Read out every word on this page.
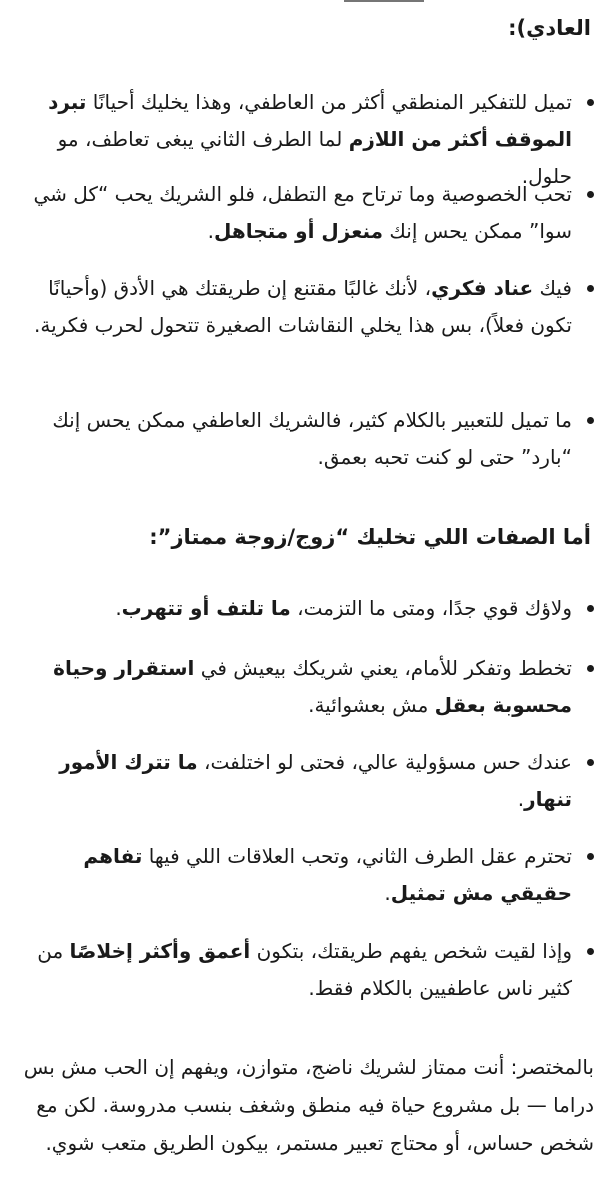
العادي):
تميل للتفكير المنطقي أكثر من العاطفي، وهذا يخليك أحيانًا تبرد الموقف أكثر من اللازم لما الطرف الثاني يبغى تعاطف، مو حلول.
تحب الخصوصية وما ترتاح مع التطفل، فلو الشريك يحب “كل شي سوا” ممكن يحس إنك منعزل أو متجاهل.
فيك عناد فكري، لأنك غالبًا مقتنع إن طريقتك هي الأدق (وأحيانًا تكون فعلاً)، بس هذا يخلي النقاشات الصغيرة تتحول لحرب فكرية.
ما تميل للتعبير بالكلام كثير، فالشريك العاطفي ممكن يحس إنك “بارد” حتى لو كنت تحبه بعمق.
أما الصفات اللي تخليك “زوج/زوجة ممتاز”:
ولاؤك قوي جدًا، ومتى ما التزمت، ما تلتف أو تتهرب.
تخطط وتفكر للأمام، يعني شريكك بيعيش في استقرار وحياة محسوبة بعقل مش بعشوائية.
عندك حس مسؤولية عالي، فحتى لو اختلفت، ما تترك الأمور تنهار.
تحترم عقل الطرف الثاني، وتحب العلاقات اللي فيها تفاهم حقيقي مش تمثيل.
وإذا لقيت شخص يفهم طريقتك، بتكون أعمق وأكثر إخلاصًا من كثير ناس عاطفيين بالكلام فقط.
بالمختصر: أنت ممتاز لشريك ناضج، متوازن، ويفهم إن الحب مش بس دراما — بل مشروع حياة فيه منطق وشغف بنسب مدروسة. لكن مع شخص حساس، أو محتاج تعبير مستمر، بيكون الطريق متعب شوي.
